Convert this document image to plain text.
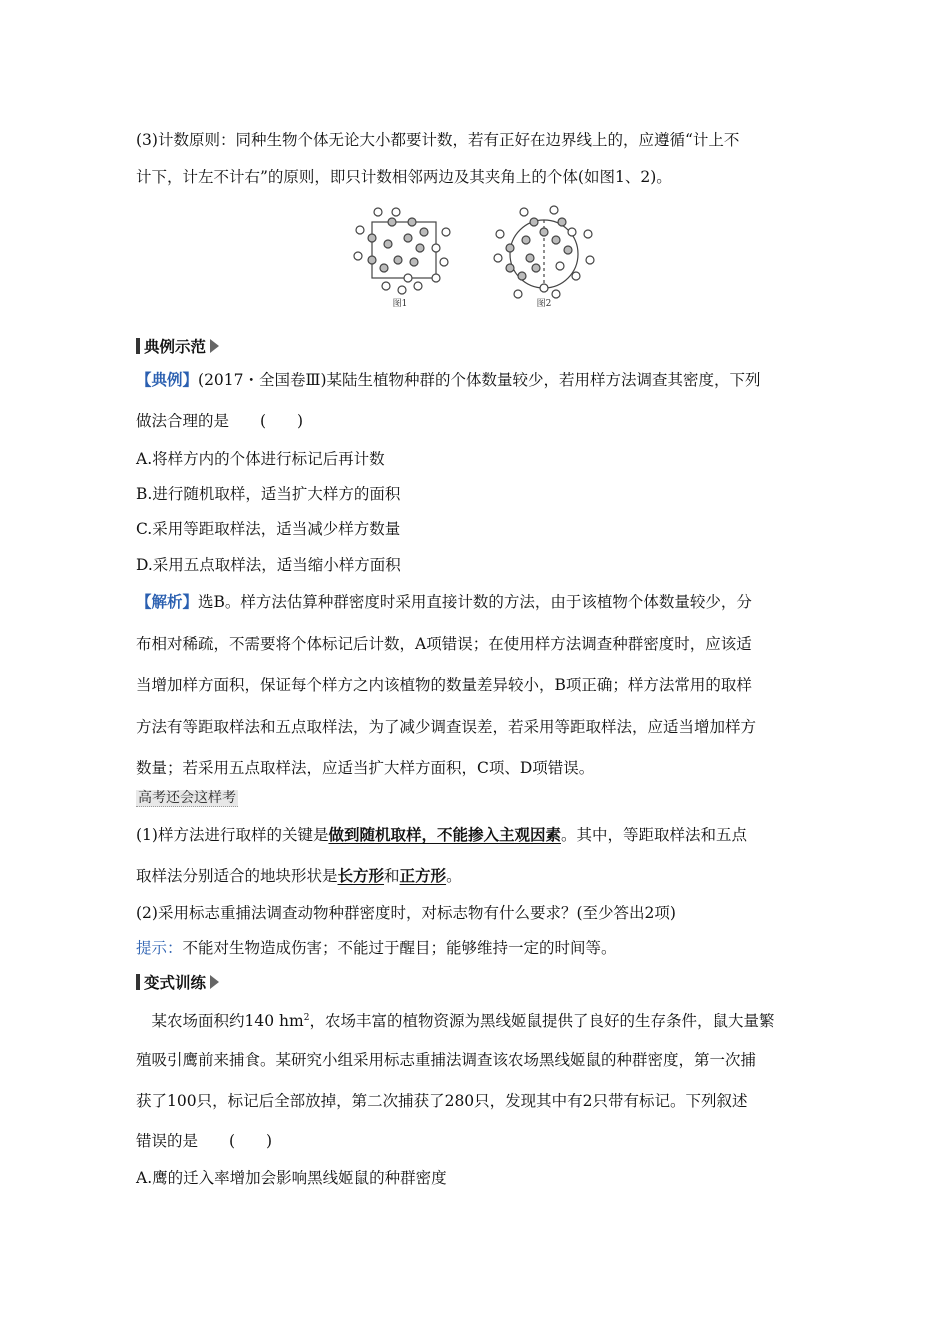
(3)计数原则：同种生物个体无论大小都要计数，若有正好在边界线上的，应遵循“计上不
计下，计左不计右”的原则，即只计数相邻两边及其夹角上的个体(如图1、2)。
图1	图2
典例示范
【典例】(2017・全国卷Ⅲ)某陆生植物种群的个体数量较少，若用样方法调查其密度，下列
做法合理的是　　(　　)
A.将样方内的个体进行标记后再计数
B.进行随机取样，适当扩大样方的面积
C.采用等距取样法，适当减少样方数量
D.采用五点取样法，适当缩小样方面积
【解析】选B。样方法估算种群密度时采用直接计数的方法，由于该植物个体数量较少，分
布相对稀疏，不需要将个体标记后计数，A项错误；在使用样方法调查种群密度时，应该适
当增加样方面积，保证每个样方之内该植物的数量差异较小，B项正确；样方法常用的取样
方法有等距取样法和五点取样法，为了减少调查误差，若采用等距取样法，应适当增加样方
数量；若采用五点取样法，应适当扩大样方面积，C项、D项错误。
高考还会这样考
(1)样方法进行取样的关键是做到随机取样，不能掺入主观因素。其中，等距取样法和五点
取样法分别适合的地块形状是长方形和正方形。
(2)采用标志重捕法调查动物种群密度时，对标志物有什么要求？(至少答出2项)
提示：不能对生物造成伤害；不能过于醒目；能够维持一定的时间等。
变式训练
　某农场面积约140 $hm^2$，农场丰富的植物资源为黑线姬鼠提供了良好的生存条件，鼠大量繁
殖吸引鹰前来捕食。某研究小组采用标志重捕法调查该农场黑线姬鼠的种群密度，第一次捕
获了100只，标记后全部放掉，第二次捕获了280只，发现其中有2只带有标记。下列叙述
错误的是　　(　　)
A.鹰的迁入率增加会影响黑线姬鼠的种群密度
